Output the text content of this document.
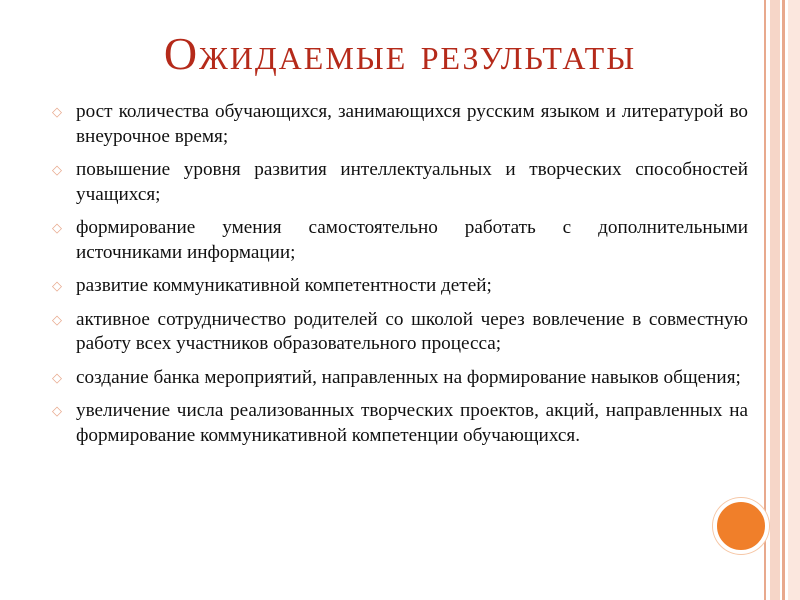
Ожидаемые результаты
◇ рост количества обучающихся, занимающихся русским языком и литературой во внеурочное время;
◇ повышение уровня развития интеллектуальных и творческих способностей учащихся;
◇ формирование умения самостоятельно работать с дополнительными источниками информации;
◇ развитие коммуникативной компетентности детей;
◇ активное сотрудничество родителей со школой через вовлечение в совместную работу всех участников образовательного процесса;
◇ создание банка мероприятий, направленных на формирование навыков общения;
◇ увеличение числа реализованных творческих проектов, акций, направленных на формирование коммуникативной компетенции обучающихся.
